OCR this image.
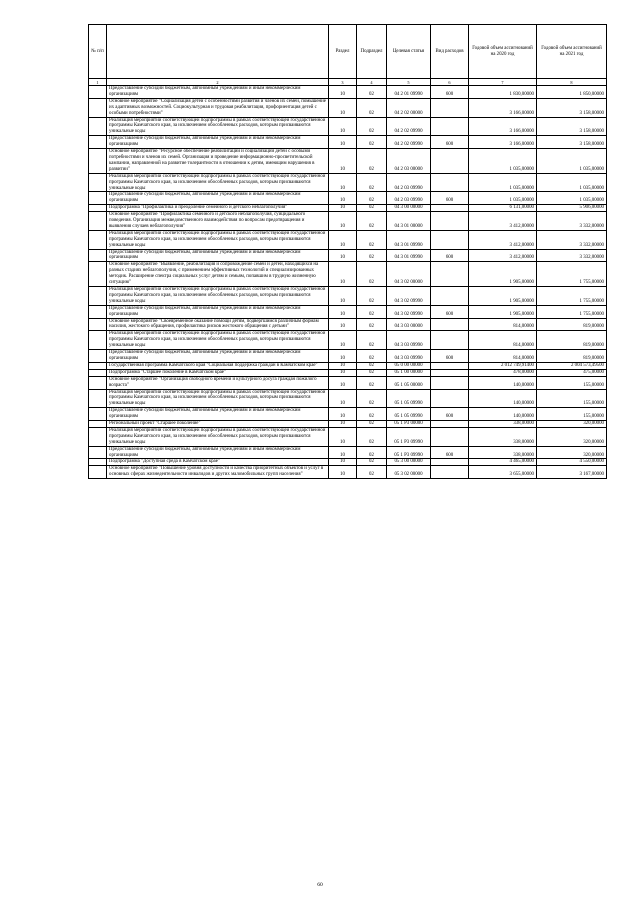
№ п/п		Раздел	Подраздел	Целевая статья	Вид расходов	Годовой объем ассигнований на 2020 год	Годовой объем ассигнований на 2021 год
1	2	3	4	5	6	7	8
	Предоставление субсидий бюджетным, автономным учреждениям и иным некоммерческим организациям	10	02	04 2 01 09990	600	1 830,00000	1 850,00000
	Основное мероприятие "Социализация детей с особенностями развития и членов их семей, помышение их адаптивных возможностей. Социокультурная и трудовая реабилитация, профориентация детей с особыми потребностями"	10	02	04 2 02 00000		3 166,00000	3 158,00000
	Реализация мероприятий соответствующей подпрограммы в рамках соответствующей государственной программы Камчатского края, за исключением обособленных расходов, которым присваиваются уникальные коды	10	02	04 2 02 09990		3 166,00000	3 158,00000
	Предоставление субсидий бюджетным, автономным учреждениям и иным некоммерческим организациям	10	02	04 2 02 09990	600	3 166,00000	3 158,00000
	Основное мероприятие "Ресурсное обеспечение реабилитации и социализации детей с особыми потребностями и членов их семей. Организация и проведение информационно-просветительской кампании, направленной на развитие толерантности в отношении к детям, имеющим нарушения в развитии"	10	02	04 2 03 00000		1 035,00000	1 035,00000
	Реализация мероприятий соответствующей подпрограммы в рамках соответствующей государственной программы Камчатского края, за исключением обособленных расходов, которым присваиваются уникальные коды	10	02	04 2 03 09990		1 035,00000	1 035,00000
	Предоставление субсидий бюджетным, автономным учреждениям и иным некоммерческим организациям	10	02	04 2 03 09990	600	1 035,00000	1 035,00000
	Подпрограмма "Профилактика и преодоление семейного и детского неблагополучия"	10	02	04 3 00 00000		6 131,00000	5 906,00000
	Основное мероприятие "Профилактика семейного и детского неблагополучия, суицидального поведения. Организация межведомственного взаимодействия по вопросам предотвращения и выявления случаев неблагополучия"	10	02	04 3 01 00000		3 412,00000	3 332,00000
	Реализация мероприятий соответствующей подпрограммы в рамках соответствующей государственной программы Камчатского края, за исключением обособленных расходов, которым присваиваются уникальные коды	10	02	04 3 01 09990		3 412,00000	3 332,00000
	Предоставление субсидий бюджетным, автономным учреждениям и иным некоммерческим организациям	10	02	04 3 01 09990	600	3 412,00000	3 332,00000
	Основное мероприятие "Выявление, реабилитация и сопровождение семей и детей, находящихся на разных стадиях неблагополучия, с применением эффективных технологий и специализированных методик. Расширение спектра социальных услуг детям и семьям, попавшим в трудную жизненную ситуацию"	10	02	04 3 02 00000		1 905,00000	1 755,00000
	Реализация мероприятий соответствующей подпрограммы в рамках соответствующей государственной программы Камчатского края, за исключением обособленных расходов, которым присваиваются уникальные коды	10	02	04 3 02 09990		1 905,00000	1 755,00000
	Предоставление субсидий бюджетным, автономным учреждениям и иным некоммерческим организациям	10	02	04 3 02 09990	600	1 905,00000	1 755,00000
	Основное мероприятие "Своевременное оказание помощи детям, подвергшимся различным формам насилия, жестокого обращения, профилактика рисков жестокого обращения с детьми"	10	02	04 3 03 00000		814,00000	819,00000
	Реализация мероприятий соответствующей подпрограммы в рамках соответствующей государственной программы Камчатского края, за исключением обособленных расходов, которым присваиваются уникальные коды	10	02	04 3 03 09990		814,00000	819,00000
	Предоставление субсидий бюджетным, автономным учреждениям и иным некоммерческим организациям	10	02	04 3 03 09990	600	814,00000	819,00000
	Государственная программа Камчатского края "Социальная поддержка граждан в Камчатском крае"	10	02	05 0 00 00000		2 012 749,91400	2 004 573,49500
	Подпрограмма "Старшее поколение в Камчатском крае"	10	02	05 1 00 00000		478,00000	475,00000
	Основное мероприятие "Организация свободного времени и культурного досуга граждан пожилого возраста"	10	02	05 1 05 00000		140,00000	155,00000
	Реализация мероприятий соответствующей подпрограммы в рамках соответствующей государственной программы Камчатского края, за исключением обособленных расходов, которым присваиваются уникальные коды	10	02	05 1 05 09990		140,00000	155,00000
	Предоставление субсидий бюджетным, автономным учреждениям и иным некоммерческим организациям	10	02	05 1 05 09990	600	140,00000	155,00000
	Региональный проект "Старшее поколение"	10	02	05 1 P3 00000		338,00000	320,00000
	Реализация мероприятий соответствующей подпрограммы в рамках соответствующей государственной программы Камчатского края, за исключением обособленных расходов, которым присваиваются уникальные коды	10	02	05 1 P3 09990		338,00000	320,00000
	Предоставление субсидий бюджетным, автономным учреждениям и иным некоммерческим организациям	10	02	05 1 P3 09990	600	338,00000	320,00000
	Подпрограмма "Доступная среда в Камчатском крае"	10	02	05 3 00 00000		4 465,00000	4 550,00000
	Основное мероприятие "Повышение уровня доступности и качества приоритетных объектов и услуг в основных сферах жизнедеятельности инвалидов и других маломобильных групп населения"	10	02	05 3 02 00000		3 655,00000	3 167,00000
60
